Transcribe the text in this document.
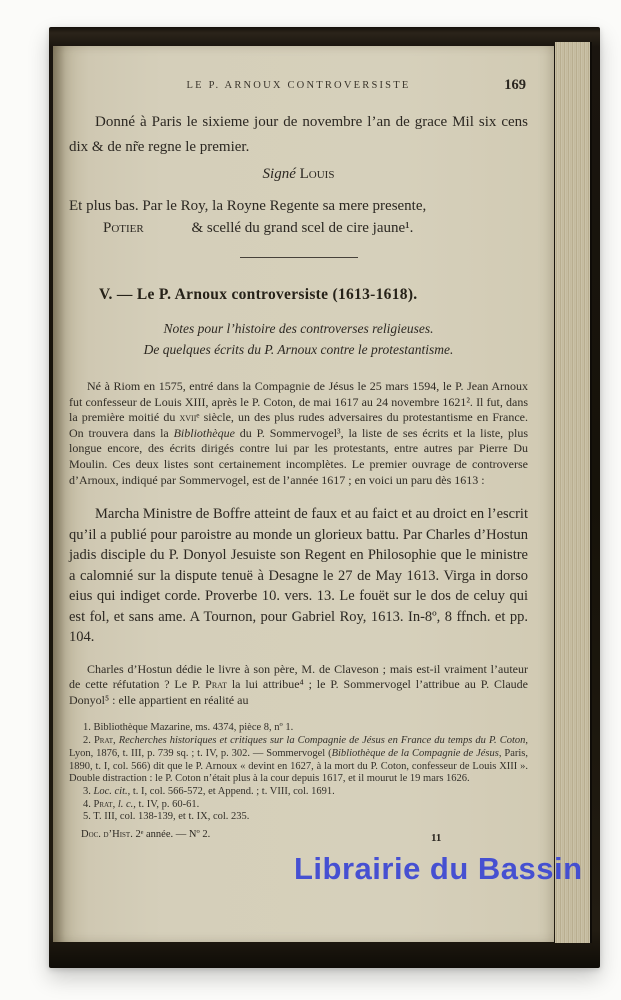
LE P. ARNOUX CONTROVERSISTE	169

Donné à Paris le sixieme jour de novembre l’an de grace Mil six cens dix & de nr̃e regne le premier.

Signé Louis

Et plus bas. Par le Roy, la Royne Regente sa mere presente,

Potier	& scellé du grand scel de cire jaune¹.
V. — Le P. Arnoux controversiste (1613-1618).

Notes pour l’histoire des controverses religieuses.

De quelques écrits du P. Arnoux contre le protestantisme.

Né à Riom en 1575, entré dans la Compagnie de Jésus le 25 mars 1594, le P. Jean Arnoux fut confesseur de Louis XIII, après le P. Coton, de mai 1617 au 24 novembre 1621². Il fut, dans la première moitié du xviiᵉ siècle, un des plus rudes adversaires du protestantisme en France. On trouvera dans la Bibliothèque du P. Sommervogel³, la liste de ses écrits et la liste, plus longue encore, des écrits dirigés contre lui par les protestants, entre autres par Pierre Du Moulin. Ces deux listes sont certainement incomplètes. Le premier ouvrage de controverse d’Arnoux, indiqué par Sommervogel, est de l’année 1617 ; en voici un paru dès 1613 :

Marcha Ministre de Boffre atteint de faux et au faict et au droict en l’escrit qu’il a publié pour paroistre au monde un glorieux battu. Par Charles d’Hostun jadis disciple du P. Donyol Jesuiste son Regent en Philosophie que le ministre a calomnié sur la dispute tenuë à Desagne le 27 de May 1613. Virga in dorso eius qui indiget corde. Proverbe 10. vers. 13. Le fouët sur le dos de celuy qui est fol, et sans ame. A Tournon, pour Gabriel Roy, 1613. In-8º, 8 ffnch. et pp. 104.

Charles d’Hostun dédie le livre à son père, M. de Claveson ; mais est-il vraiment l’auteur de cette réfutation ? Le P. Prat la lui attribue⁴ ; le P. Sommervogel l’attribue au P. Claude Donyol⁵ : elle appartient en réalité au

1. Bibliothèque Mazarine, ms. 4374, pièce 8, nº 1.

2. Prat, Recherches historiques et critiques sur la Compagnie de Jésus en France du temps du P. Coton, Lyon, 1876, t. III, p. 739 sq. ; t. IV, p. 302. — Sommervogel (Bibliothèque de la Compagnie de Jésus, Paris, 1890, t. I, col. 566) dit que le P. Arnoux « devint en 1627, à la mort du P. Coton, confesseur de Louis XIII ». Double distraction : le P. Coton n’était plus à la cour depuis 1617, et il mourut le 19 mars 1626.

3. Loc. cit., t. I, col. 566-572, et Append. ; t. VIII, col. 1691.

4. Prat, l. c., t. IV, p. 60-61.

5. T. III, col. 138-139, et t. IX, col. 235.

Doc. d’Hist. 2ᵉ année. — Nº 2.	11
Librairie du Bassin
